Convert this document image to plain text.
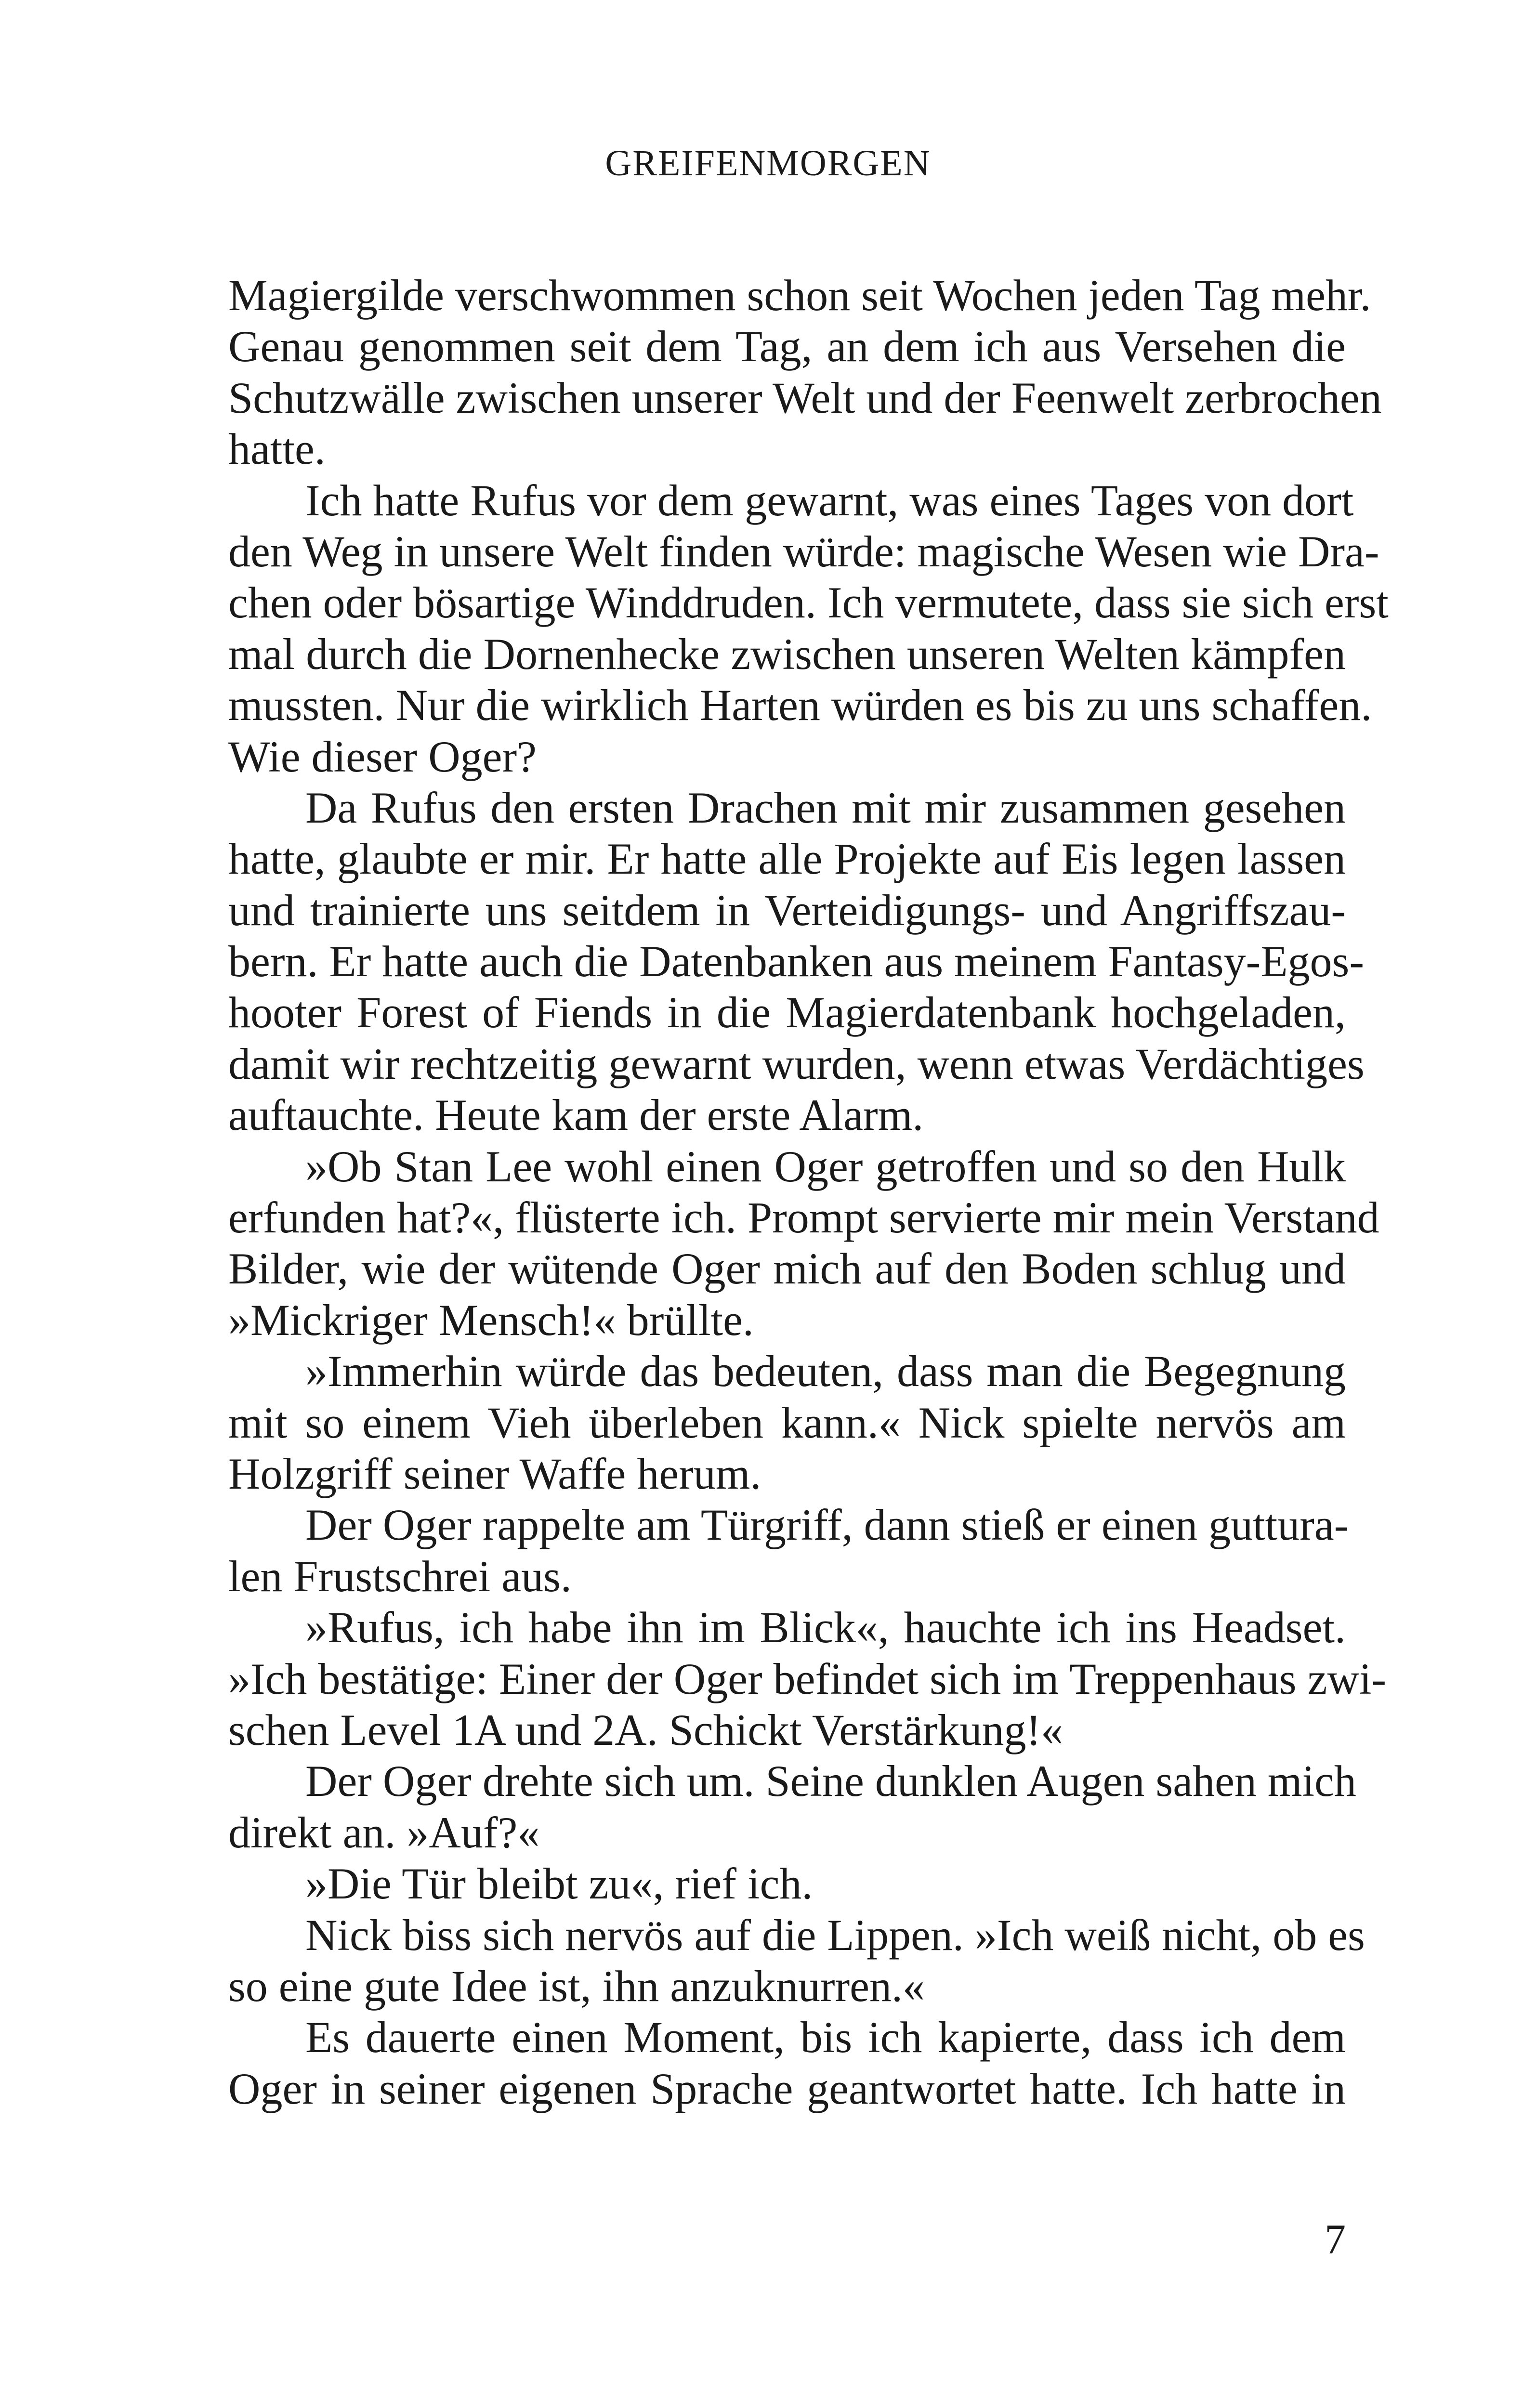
GREIFENMORGEN
Magiergilde verschwommen schon seit Wochen jeden Tag mehr.
Genau genommen seit dem Tag, an dem ich aus Versehen die
Schutzwälle zwischen unserer Welt und der Feenwelt zerbrochen
hatte.
Ich hatte Rufus vor dem gewarnt, was eines Tages von dort
den Weg in unsere Welt finden würde: magische Wesen wie Dra-
chen oder bösartige Winddruden. Ich vermutete, dass sie sich erst
mal durch die Dornenhecke zwischen unseren Welten kämpfen
mussten. Nur die wirklich Harten würden es bis zu uns schaffen.
Wie dieser Oger?
Da Rufus den ersten Drachen mit mir zusammen gesehen
hatte, glaubte er mir. Er hatte alle Projekte auf Eis legen lassen
und trainierte uns seitdem in Verteidigungs- und Angriffszau-
bern. Er hatte auch die Datenbanken aus meinem Fantasy-Egos-
hooter Forest of Fiends in die Magierdatenbank hochgeladen,
damit wir rechtzeitig gewarnt wurden, wenn etwas Verdächtiges
auftauchte. Heute kam der erste Alarm.
»Ob Stan Lee wohl einen Oger getroffen und so den Hulk
erfunden hat?«, flüsterte ich. Prompt servierte mir mein Verstand
Bilder, wie der wütende Oger mich auf den Boden schlug und
»Mickriger Mensch!« brüllte.
»Immerhin würde das bedeuten, dass man die Begegnung
mit so einem Vieh überleben kann.« Nick spielte nervös am
Holzgriff seiner Waffe herum.
Der Oger rappelte am Türgriff, dann stieß er einen guttura-
len Frustschrei aus.
»Rufus, ich habe ihn im Blick«, hauchte ich ins Headset.
»Ich bestätige: Einer der Oger befindet sich im Treppenhaus zwi-
schen Level 1A und 2A. Schickt Verstärkung!«
Der Oger drehte sich um. Seine dunklen Augen sahen mich
direkt an. »Auf?«
»Die Tür bleibt zu«, rief ich.
Nick biss sich nervös auf die Lippen. »Ich weiß nicht, ob es
so eine gute Idee ist, ihn anzuknurren.«
Es dauerte einen Moment, bis ich kapierte, dass ich dem
Oger in seiner eigenen Sprache geantwortet hatte. Ich hatte in
7
